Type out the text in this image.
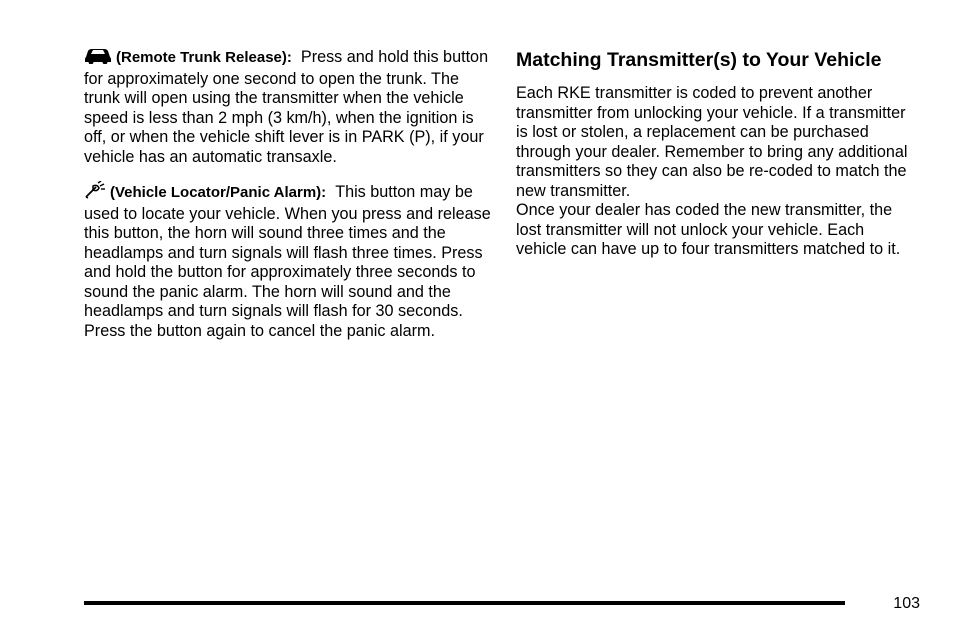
(Remote Trunk Release): Press and hold this button for approximately one second to open the trunk. The trunk will open using the transmitter when the vehicle speed is less than 2 mph (3 km/h), when the ignition is off, or when the vehicle shift lever is in PARK (P), if your vehicle has an automatic transaxle.

(Vehicle Locator/Panic Alarm): This button may be used to locate your vehicle. When you press and release this button, the horn will sound three times and the headlamps and turn signals will flash three times. Press and hold the button for approximately three seconds to sound the panic alarm. The horn will sound and the headlamps and turn signals will flash for 30 seconds. Press the button again to cancel the panic alarm.

Matching Transmitter(s) to Your Vehicle

Each RKE transmitter is coded to prevent another transmitter from unlocking your vehicle. If a transmitter is lost or stolen, a replacement can be purchased through your dealer. Remember to bring any additional transmitters so they can also be re-coded to match the new transmitter.

Once your dealer has coded the new transmitter, the lost transmitter will not unlock your vehicle. Each vehicle can have up to four transmitters matched to it.

103
